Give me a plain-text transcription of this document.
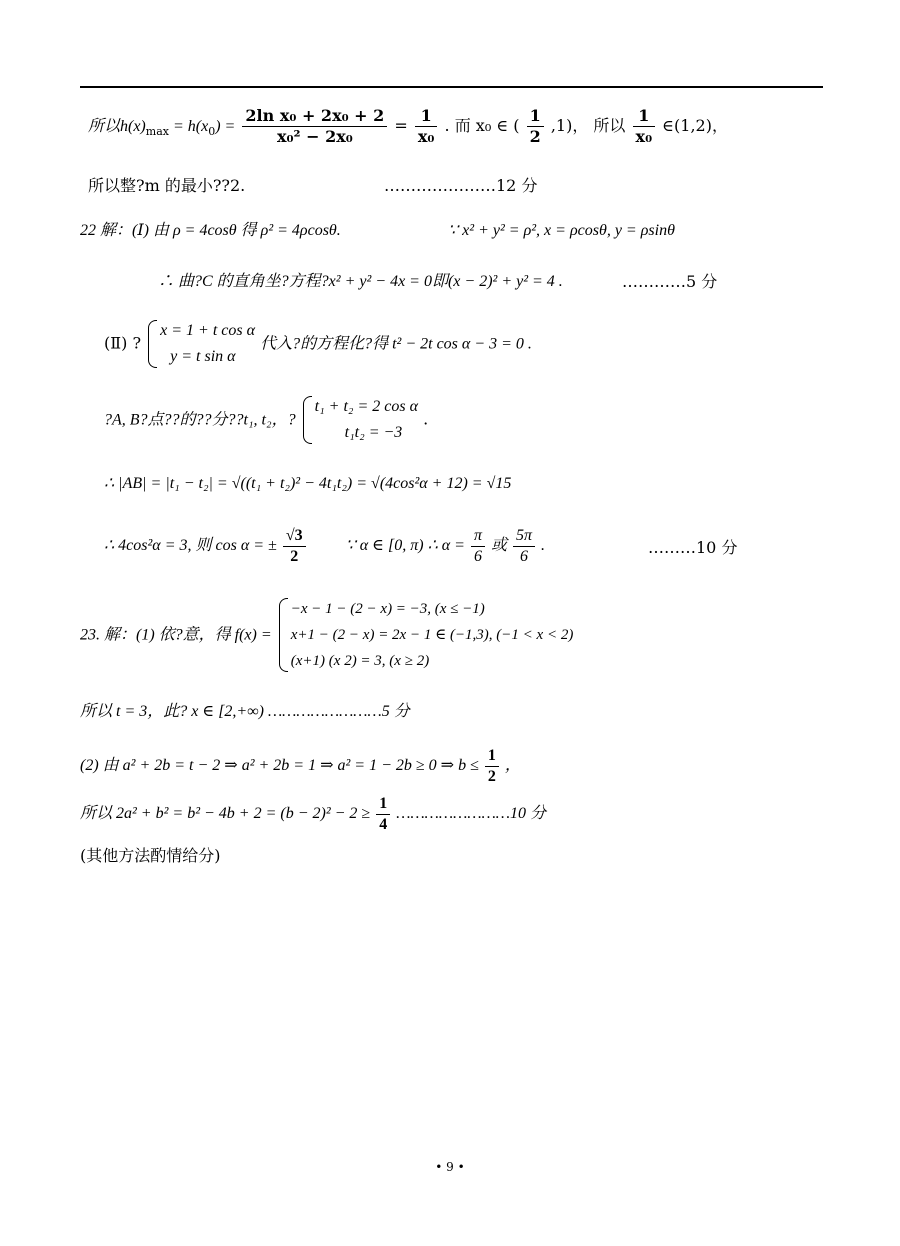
所以$h(x)_{max} = h(x_0) = \frac{\text{2ln x₀ + 2x₀ + 2}}{\text{x₀² − 2x₀}} = \frac{1}{\text{x₀}}$ . 而 x₀ ∈ ( $\frac{1}{2} ,1$)， 所以 $\frac{1}{\text{x₀}}$ ∈(1,2)，
所以整?m 的最小??2.	…………………12 分
22 解：(Ⅰ) 由 ρ = 4cosθ 得 ρ² = 4ρcosθ.	∵ x² + y² = ρ², x = ρcosθ, y = ρsinθ
∴ 曲?C 的直角坐?方程?x² + y² − 4x = 0即(x − 2)² + y² = 4 .	…………5 分
(Ⅱ) ?
x = 1 + t cos α
y = t sin α
代入?的方程化?得 t² − 2t cos α − 3 = 0 .
?A, B?点??的??分??t₁, t₂，?
t₁ + t₂ = 2 cos α
t₁t₂ = −3
.
∴ |AB| = |t₁ − t₂| = √((t₁ + t₂)² − 4t₁t₂) = √(4cos²α + 12) = √15
∴ 4cos²α = 3, 则 cos α = ± $\frac{√3}{2}$	∵ α ∈ [0, π) ∴ $\alpha = \frac{\pi}{6}$ 或 $\frac{5\pi}{6}$ .	………10 分
23. 解：(1) 依?意，得 f(x) =
−x − 1 − (2 − x) = −3, (x ≤ −1)
x+1 − (2 − x) = 2x − 1 ∈ (−1,3), (−1 < x < 2)
(x+1) (x 2) = 3, (x ≥ 2)
所以 t = 3，此? x ∈ [2,+∞) ……………………5 分
(2) 由 a² + 2b = t − 2 ⇒ a² + 2b = 1 ⇒ a² = 1 − 2b ≥ 0 ⇒ $b \le \frac{1}{2}$ ，
所以 $2a^2 + b^2 = b^2 - 4b + 2 = (b - 2)^2 - 2 \ge \frac{1}{4}$ ……………………10 分
(其他方法酌情给分)
• 9 •
